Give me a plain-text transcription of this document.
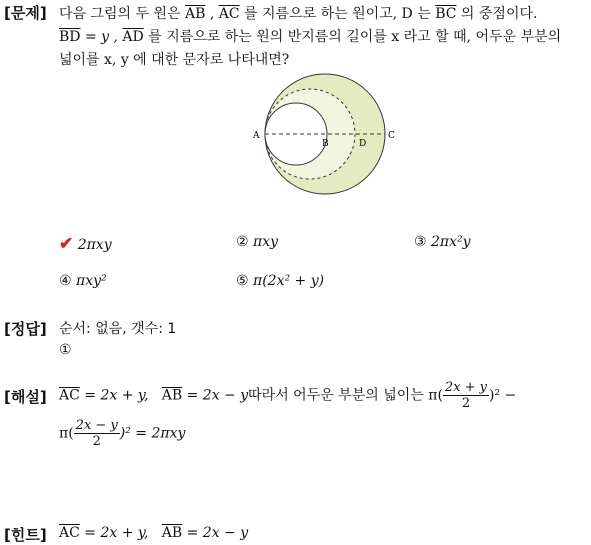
[문제] 다음 그림의 두 원은 $\overline{AB}$ , $\overline{AC}$ 를 지름으로 하는 원이고, D 는 $\overline{BC}$ 의 중점이다.
$\overline{BD} = y$ , $\overline{AD}$ 를 지름으로 하는 원의 반지름의 길이를 x 라고 할 때, 어두운 부분의
넓이를 x, y 에 대한 문자로 나타내면?
A
B	D
C
✔ 2πxy	② πxy	③ 2πx²y
④ πxy²	⑤ π(2x² + y)
[정답] 순서: 없음, 갯수: 1
①
[해설] $\overline{AC} = 2x + y$, $\overline{AB} = 2x - y$따라서 어두운 부분의 넓이는 $\pi( \frac{2x + y}{2} )^2$ −
$\pi( \frac{2x - y}{2} )^2 = 2\pi xy$
[힌트] $\overline{AC} = 2x + y$, $\overline{AB} = 2x - y$
